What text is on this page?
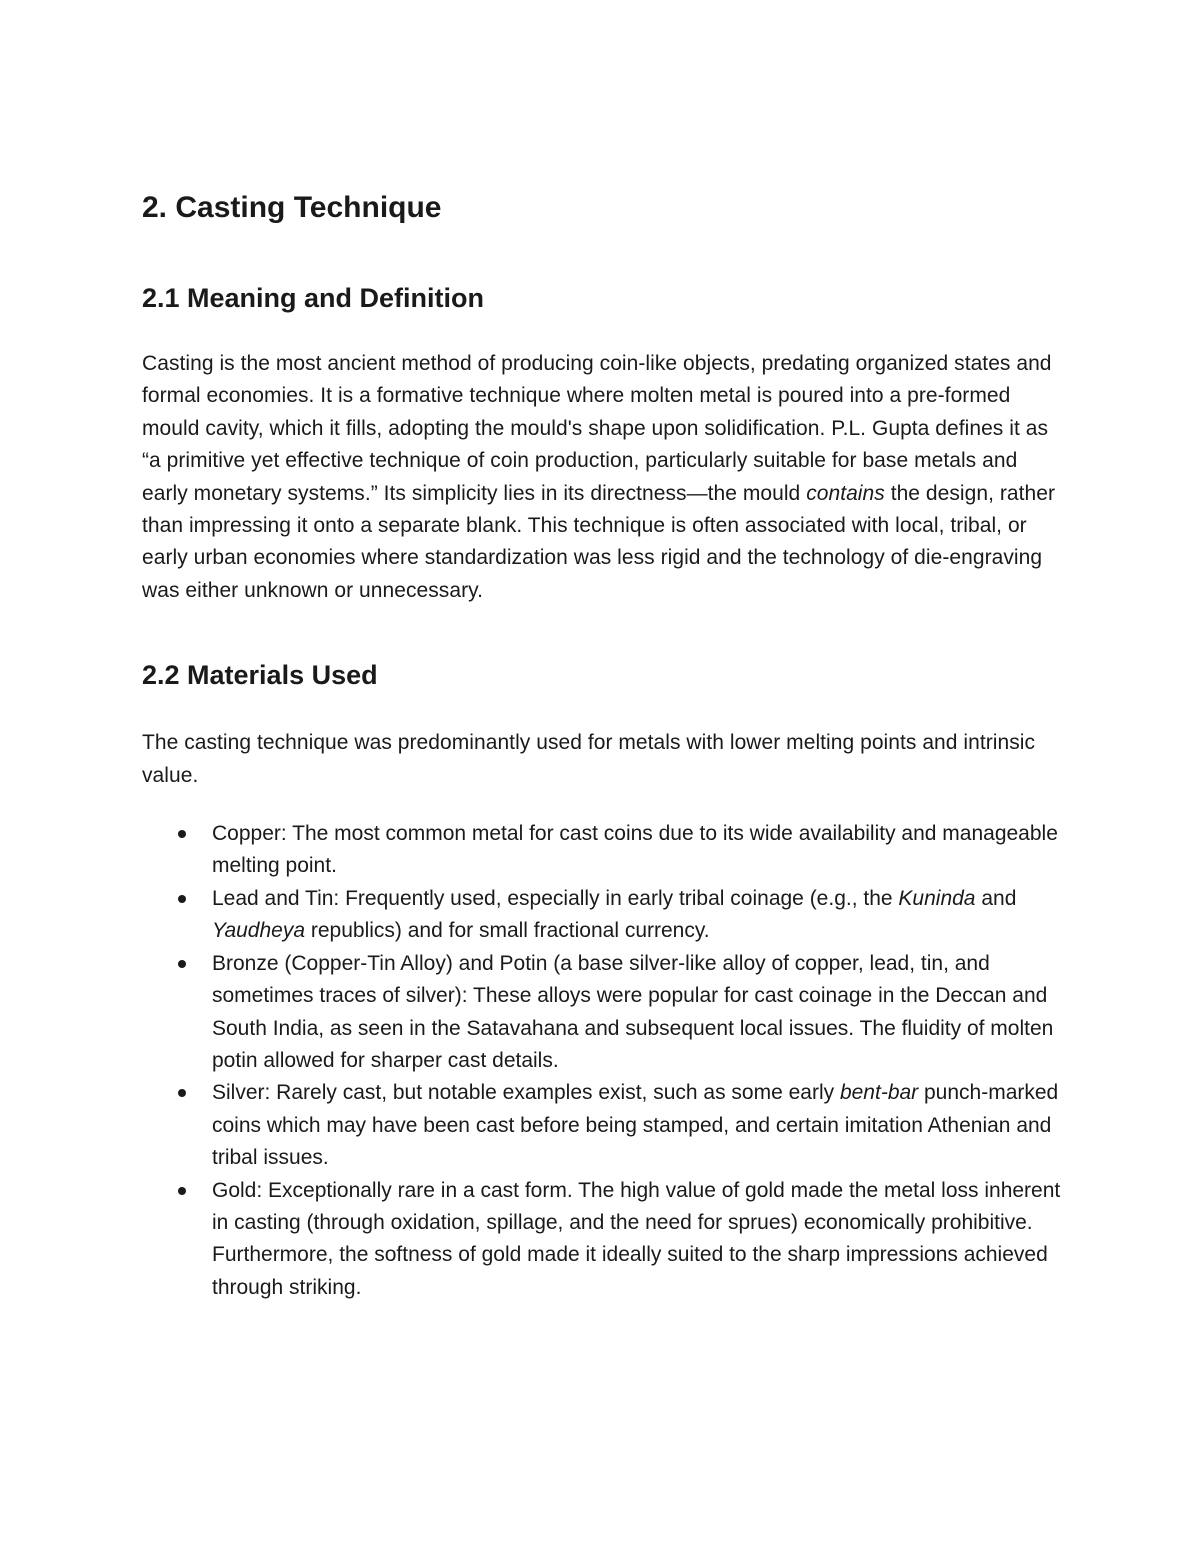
2. Casting Technique
2.1 Meaning and Definition

Casting is the most ancient method of producing coin-like objects, predating organized states and formal economies. It is a formative technique where molten metal is poured into a pre-formed mould cavity, which it fills, adopting the mould's shape upon solidification. P.L. Gupta defines it as “a primitive yet effective technique of coin production, particularly suitable for base metals and early monetary systems.” Its simplicity lies in its directness—the mould contains the design, rather than impressing it onto a separate blank. This technique is often associated with local, tribal, or early urban economies where standardization was less rigid and the technology of die-engraving was either unknown or unnecessary.

2.2 Materials Used

The casting technique was predominantly used for metals with lower melting points and intrinsic value.

Copper: The most common metal for cast coins due to its wide availability and manageable melting point.
Lead and Tin: Frequently used, especially in early tribal coinage (e.g., the Kuninda and Yaudheya republics) and for small fractional currency.
Bronze (Copper-Tin Alloy) and Potin (a base silver-like alloy of copper, lead, tin, and sometimes traces of silver): These alloys were popular for cast coinage in the Deccan and South India, as seen in the Satavahana and subsequent local issues. The fluidity of molten potin allowed for sharper cast details.
Silver: Rarely cast, but notable examples exist, such as some early bent-bar punch-marked coins which may have been cast before being stamped, and certain imitation Athenian and tribal issues.
Gold: Exceptionally rare in a cast form. The high value of gold made the metal loss inherent in casting (through oxidation, spillage, and the need for sprues) economically prohibitive. Furthermore, the softness of gold made it ideally suited to the sharp impressions achieved through striking.
